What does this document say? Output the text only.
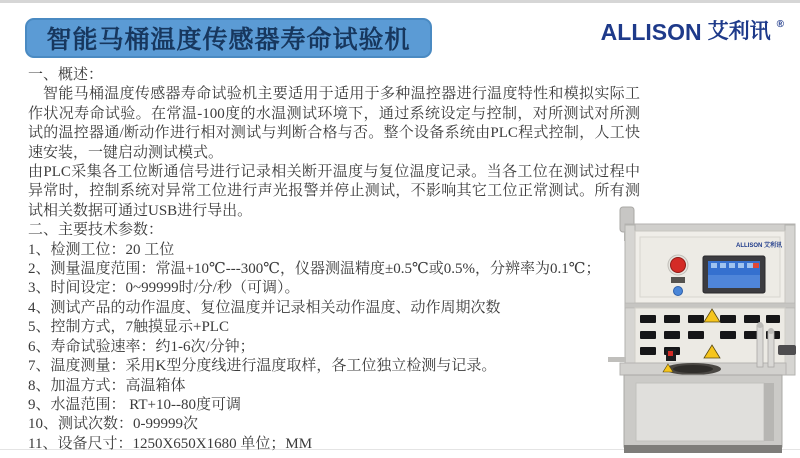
智能马桶温度传感器寿命试验机	ALLISON 艾利讯 ®
一、概述：

智能马桶温度传感器寿命试验机主要适用于适用于多种温控器进行温度特性和模拟实际工作状况寿命试验。在常温-100度的水温测试环境下，通过系统设定与控制，对所测试对所测试的温控器通/断动作进行相对测试与判断合格与否。整个设备系统由PLC程式控制，人工快速安装，一键启动测试模式。

由PLC采集各工位断通信号进行记录相关断开温度与复位温度记录。当各工位在测试过程中异常时，控制系统对异常工位进行声光报警并停止测试，不影响其它工位正常测试。所有测试相关数据可通过USB进行导出。

二、主要技术参数：
1、检测工位：20 工位
2、测量温度范围：常温+10℃---300℃，仪器测温精度±0.5℃或0.5%，分辨率为0.1℃；
3、时间设定：0~99999时/分/秒（可调）。
4、测试产品的动作温度、复位温度并记录相关动作温度、动作周期次数
5、控制方式，7触摸显示+PLC
6、寿命试验速率：约1-6次/分钟；
7、温度测量：采用K型分度线进行温度取样，各工位独立检测与记录。
8、加温方式：高温箱体
9、水温范围： RT+10--80度可调
10、测试次数：0-99999次
11、设备尺寸：1250X650X1680 单位；MM
ALLISON 艾利讯
